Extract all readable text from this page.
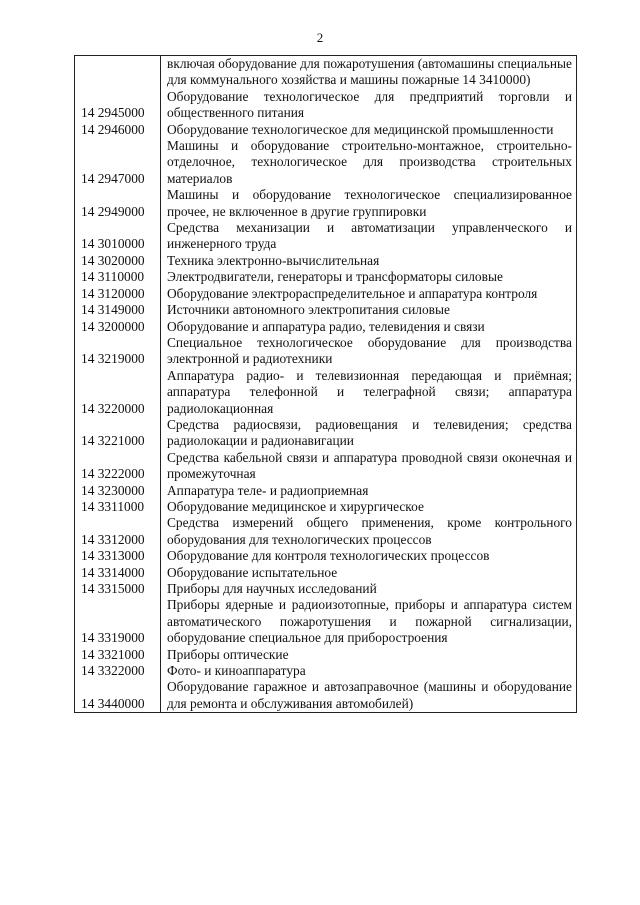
2
	включая оборудование для пожаротушения (автомашины специальные для коммунального хозяйства и машины пожарные 14 3410000)
14 2945000	Оборудование технологическое для предприятий торговли и общественного питания
14 2946000	Оборудование технологическое для медицинской промышленности
14 2947000	Машины и оборудование строительно-монтажное, строительно-отделочное, технологическое для производства строительных материалов
14 2949000	Машины и оборудование технологическое специализированное прочее, не включенное в другие группировки
14 3010000	Средства механизации и автоматизации управленческого и инженерного труда
14 3020000	Техника электронно-вычислительная
14 3110000	Электродвигатели, генераторы и трансформаторы силовые
14 3120000	Оборудование электрораспределительное и аппаратура контроля
14 3149000	Источники автономного электропитания силовые
14 3200000	Оборудование и аппаратура радио, телевидения и связи
14 3219000	Специальное технологическое оборудование для производства электронной и радиотехники
14 3220000	Аппаратура радио- и телевизионная передающая и приёмная; аппаратура телефонной и телеграфной связи; аппаратура радиолокационная
14 3221000	Средства радиосвязи, радиовещания и телевидения; средства радиолокации и радионавигации
14 3222000	Средства кабельной связи и аппаратура проводной связи оконечная и промежуточная
14 3230000	Аппаратура теле- и радиоприемная
14 3311000	Оборудование медицинское и хирургическое
14 3312000	Средства измерений общего применения, кроме контрольного оборудования для технологических процессов
14 3313000	Оборудование для контроля технологических процессов
14 3314000	Оборудование испытательное
14 3315000	Приборы для научных исследований
14 3319000	Приборы ядерные и радиоизотопные, приборы и аппаратура систем автоматического пожаротушения и пожарной сигнализации, оборудование специальное для приборостроения
14 3321000	Приборы оптические
14 3322000	Фото- и киноаппаратура
14 3440000	Оборудование гаражное и автозаправочное (машины и оборудование для ремонта и обслуживания автомобилей)
